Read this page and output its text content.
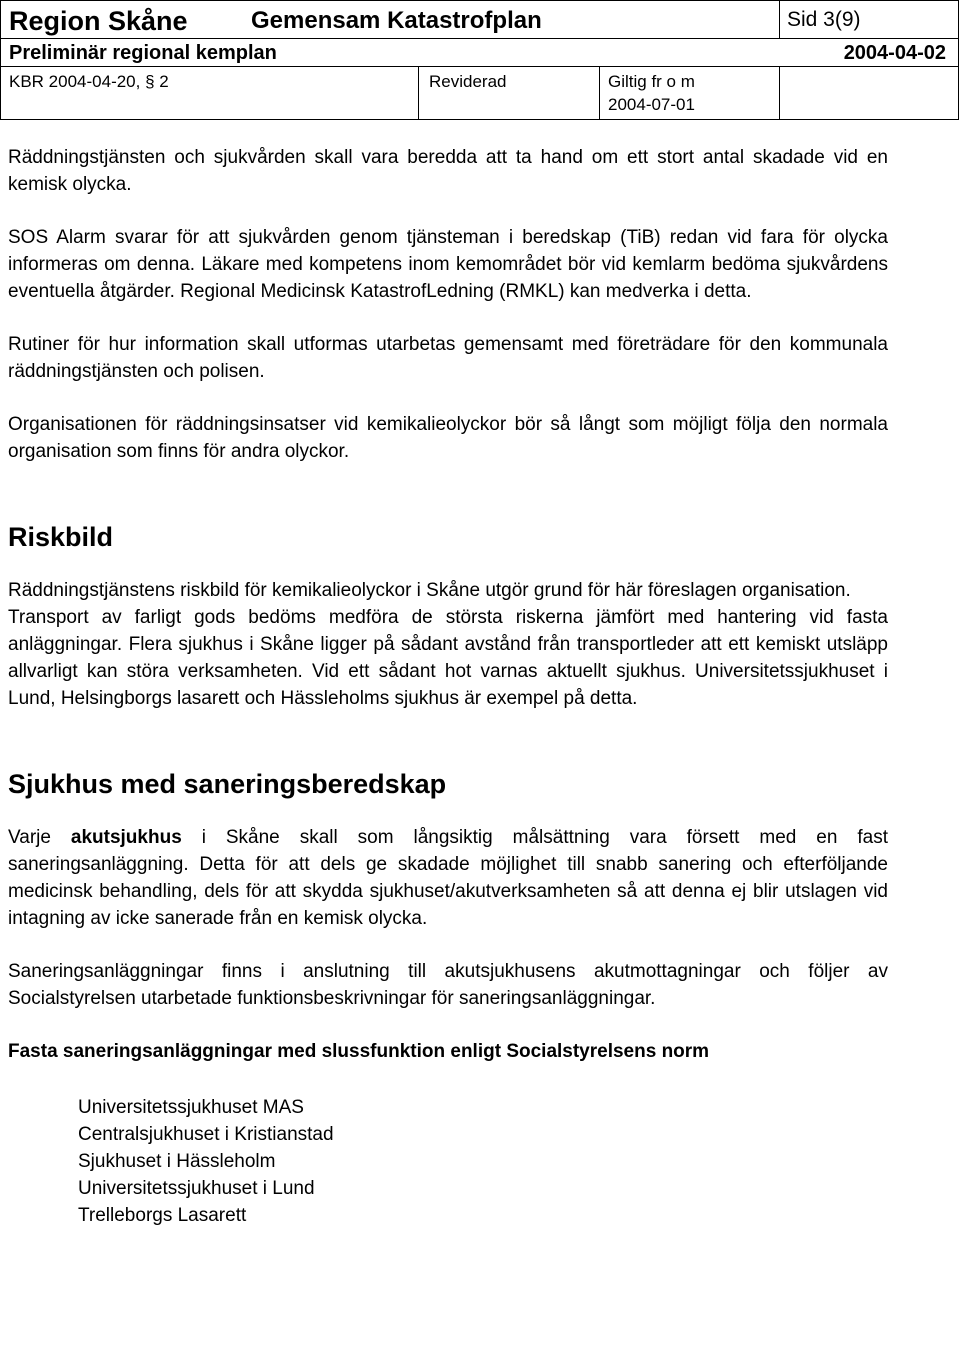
Region Skåne	Gemensam Katastrofplan	Sid 3(9)
Preliminär regional kemplan	2004-04-02
KBR 2004-04-20, § 2	Reviderad	Giltig fr o m
2004-07-01

Räddningstjänsten och sjukvården skall vara beredda att ta hand om ett stort antal skadade vid en kemisk olycka.

SOS Alarm svarar för att sjukvården genom tjänsteman i beredskap (TiB) redan vid fara för olycka informeras om denna. Läkare med kompetens inom kemområdet bör vid kemlarm bedöma sjukvårdens eventuella åtgärder. Regional Medicinsk KatastrofLedning (RMKL) kan medverka i detta.

Rutiner för hur information skall utformas utarbetas gemensamt med företrädare för den kommunala räddningstjänsten och polisen.

Organisationen för räddningsinsatser vid kemikalieolyckor bör så långt som möjligt följa den normala organisation som finns för andra olyckor.

Riskbild

Räddningstjänstens riskbild för kemikalieolyckor i Skåne utgör grund för här föreslagen organisation.

Transport av farligt gods bedöms medföra de största riskerna jämfört med hantering vid fasta anläggningar. Flera sjukhus i Skåne ligger på sådant avstånd från transportleder att ett kemiskt utsläpp allvarligt kan störa verksamheten. Vid ett sådant hot varnas aktuellt sjukhus. Universitetssjukhuset i Lund, Helsingborgs lasarett och Hässleholms sjukhus är exempel på detta.

Sjukhus med saneringsberedskap

Varje akutsjukhus i Skåne skall som långsiktig målsättning vara försett med en fast saneringsanläggning. Detta för att dels ge skadade möjlighet till snabb sanering och efterföljande medicinsk behandling, dels för att skydda sjukhuset/akutverksamheten så att denna ej blir utslagen vid intagning av icke sanerade från en kemisk olycka.

Saneringsanläggningar finns i anslutning till akutsjukhusens akutmottagningar och följer av Socialstyrelsen utarbetade funktionsbeskrivningar för saneringsanläggningar.

Fasta saneringsanläggningar med slussfunktion enligt Socialstyrelsens norm

Universitetssjukhuset MAS
Centralsjukhuset i Kristianstad
Sjukhuset i Hässleholm
Universitetssjukhuset i Lund
Trelleborgs Lasarett
